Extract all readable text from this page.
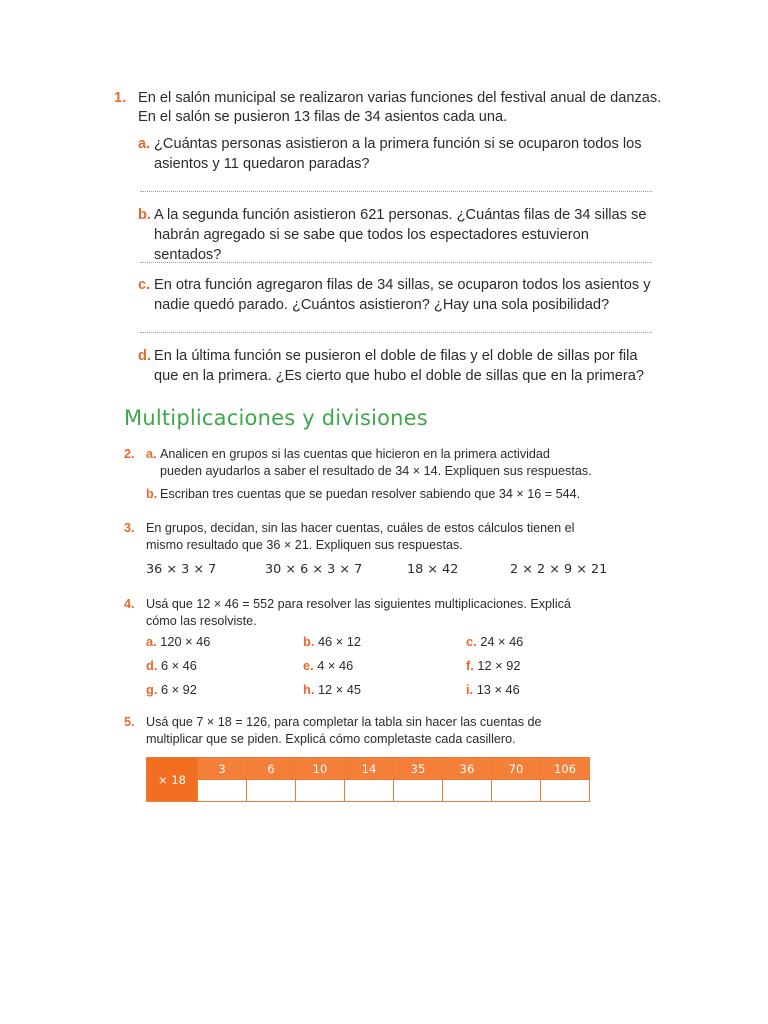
1. En el salón municipal se realizaron varias funciones del festival anual de danzas.
En el salón se pusieron 13 filas de 34 asientos cada una.
a. ¿Cuántas personas asistieron a la primera función si se ocuparon todos los
asientos y 11 quedaron paradas?
b. A la segunda función asistieron 621 personas. ¿Cuántas filas de 34 sillas se
habrán agregado si se sabe que todos los espectadores estuvieron sentados?
c. En otra función agregaron filas de 34 sillas, se ocuparon todos los asientos y
nadie quedó parado. ¿Cuántos asistieron? ¿Hay una sola posibilidad?
d. En la última función se pusieron el doble de filas y el doble de sillas por fila
que en la primera. ¿Es cierto que hubo el doble de sillas que en la primera?
Multiplicaciones y divisiones
2. a. Analicen en grupos si las cuentas que hicieron en la primera actividad
pueden ayudarlos a saber el resultado de 34 × 14. Expliquen sus respuestas.
b. Escriban tres cuentas que se puedan resolver sabiendo que 34 × 16 = 544.
3. En grupos, decidan, sin las hacer cuentas, cuáles de estos cálculos tienen el
mismo resultado que 36 × 21. Expliquen sus respuestas.
36 × 3 × 7	30 × 6 × 3 × 7	18 × 42	2 × 2 × 9 × 21
4. Usá que 12 × 46 = 552 para resolver las siguientes multiplicaciones. Explicá
cómo las resolviste.
a. 120 × 46	b. 46 × 12	c. 24 × 46
d. 6 × 46	e. 4 × 46	f. 12 × 92
g. 6 × 92	h. 12 × 45	i. 13 × 46
5. Usá que 7 × 18 = 126, para completar la tabla sin hacer las cuentas de
multiplicar que se piden. Explicá cómo completaste cada casillero.
× 18	3	6	10	14	35	36	70	106
